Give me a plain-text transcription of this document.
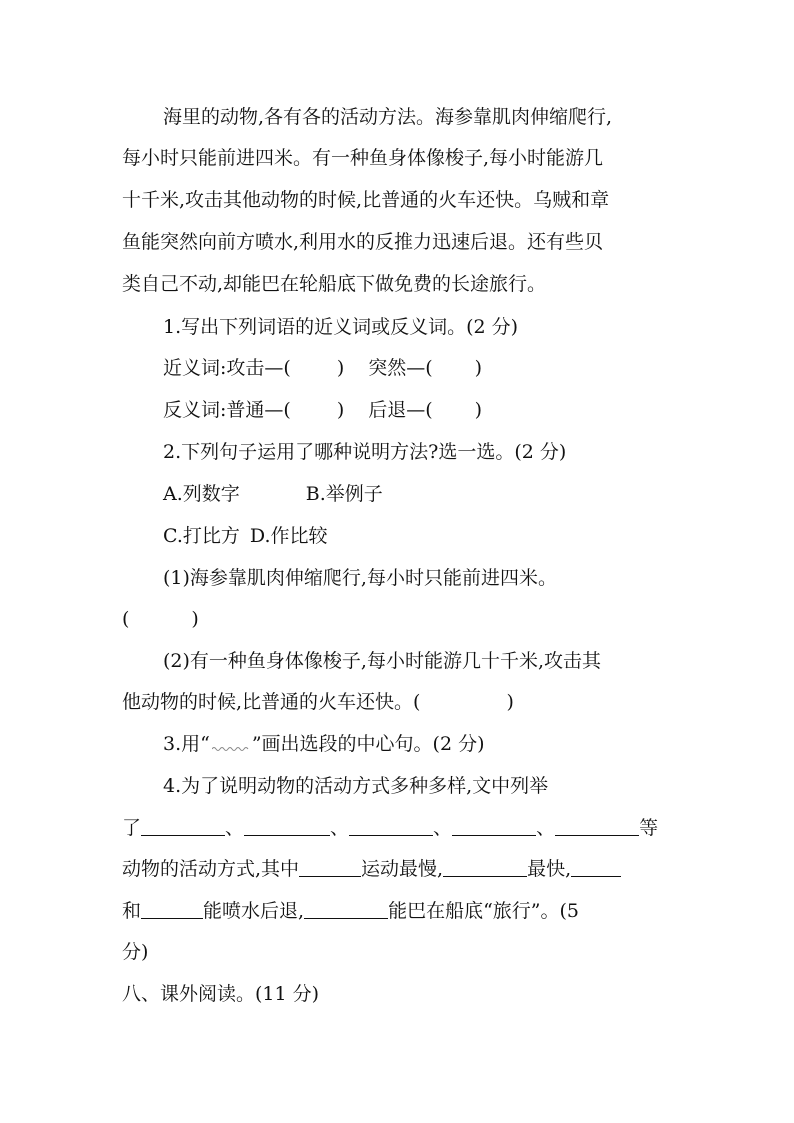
海里的动物,各有各的活动方法。海参靠肌肉伸缩爬行,
每小时只能前进四米。有一种鱼身体像梭子,每小时能游几
十千米,攻击其他动物的时候,比普通的火车还快。乌贼和章
鱼能突然向前方喷水,利用水的反推力迅速后退。还有些贝
类自己不动,却能巴在轮船底下做免费的长途旅行。
1.写出下列词语的近义词或反义词。(2 分)
近义词:攻击—( ) 突然—( )
反义词:普通—( ) 后退—( )
2.下列句子运用了哪种说明方法?选一选。(2 分)
A.列数字	B.举例子
C.打比方 D.作比较
(1)海参靠肌肉伸缩爬行,每小时只能前进四米。
(	)
(2)有一种鱼身体像梭子,每小时能游几十千米,攻击其
他动物的时候,比普通的火车还快。(	)
3.用“ ”画出选段的中心句。(2 分)
4.为了说明动物的活动方式多种多样,文中列举
了	、	、	、	、	等
动物的活动方式,其中	运动最慢,	最快,
和	能喷水后退,	能巴在船底“旅行”。(5
分)
八、课外阅读。(11 分)
